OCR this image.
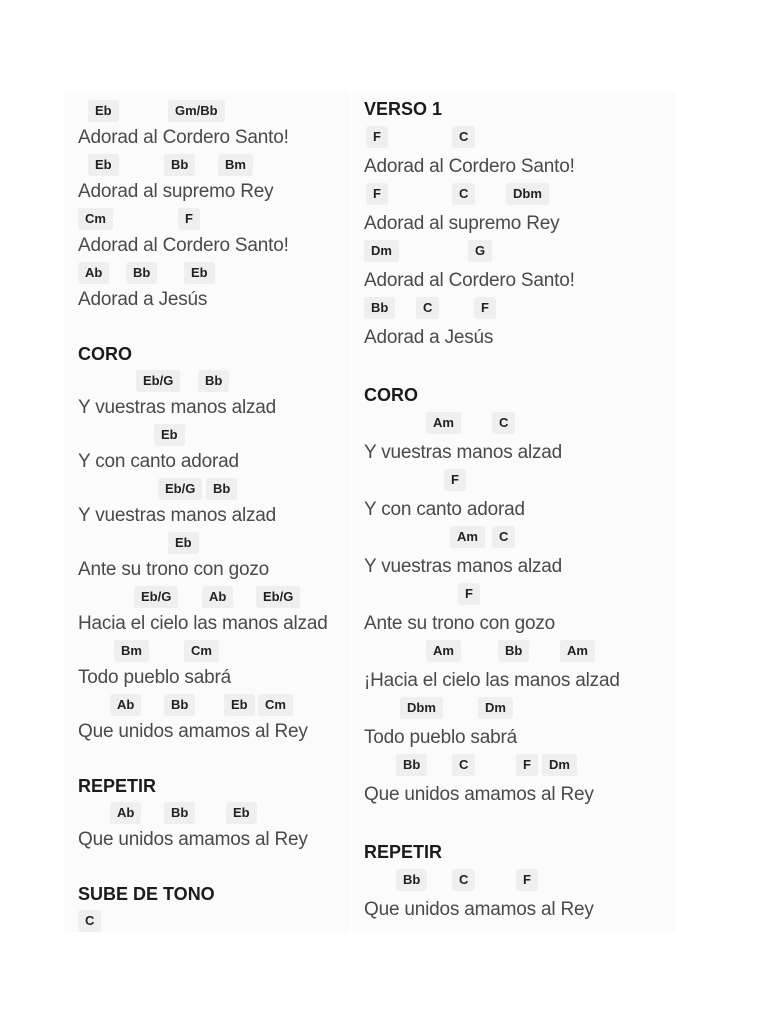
Eb	Gm/Bb
Adorad al Cordero Santo!
Eb	Bb	Bm
Adorad al supremo Rey
Cm	F
Adorad al Cordero Santo!
Ab	Bb	Eb
Adorad a Jesús
CORO
Eb/G	Bb
Y vuestras manos alzad
Eb
Y con canto adorad
Eb/G	Bb
Y vuestras manos alzad
Eb
Ante su trono con gozo
Eb/G	Ab	Eb/G
Hacia el cielo las manos alzad
Bm	Cm
Todo pueblo sabrá
Ab	Bb	Eb	Cm
Que unidos amamos al Rey
REPETIR
Ab	Bb	Eb
Que unidos amamos al Rey
SUBE DE TONO
C
VERSO 1
F	C
Adorad al Cordero Santo!
F	C	Dbm
Adorad al supremo Rey
Dm	G
Adorad al Cordero Santo!
Bb	C	F
Adorad a Jesús
CORO
Am	C
Y vuestras manos alzad
F
Y con canto adorad
Am	C
Y vuestras manos alzad
F
Ante su trono con gozo
Am	Bb	Am
¡Hacia el cielo las manos alzad
Dbm	Dm
Todo pueblo sabrá
Bb	C	F	Dm
Que unidos amamos al Rey
REPETIR
Bb	C	F
Que unidos amamos al Rey
